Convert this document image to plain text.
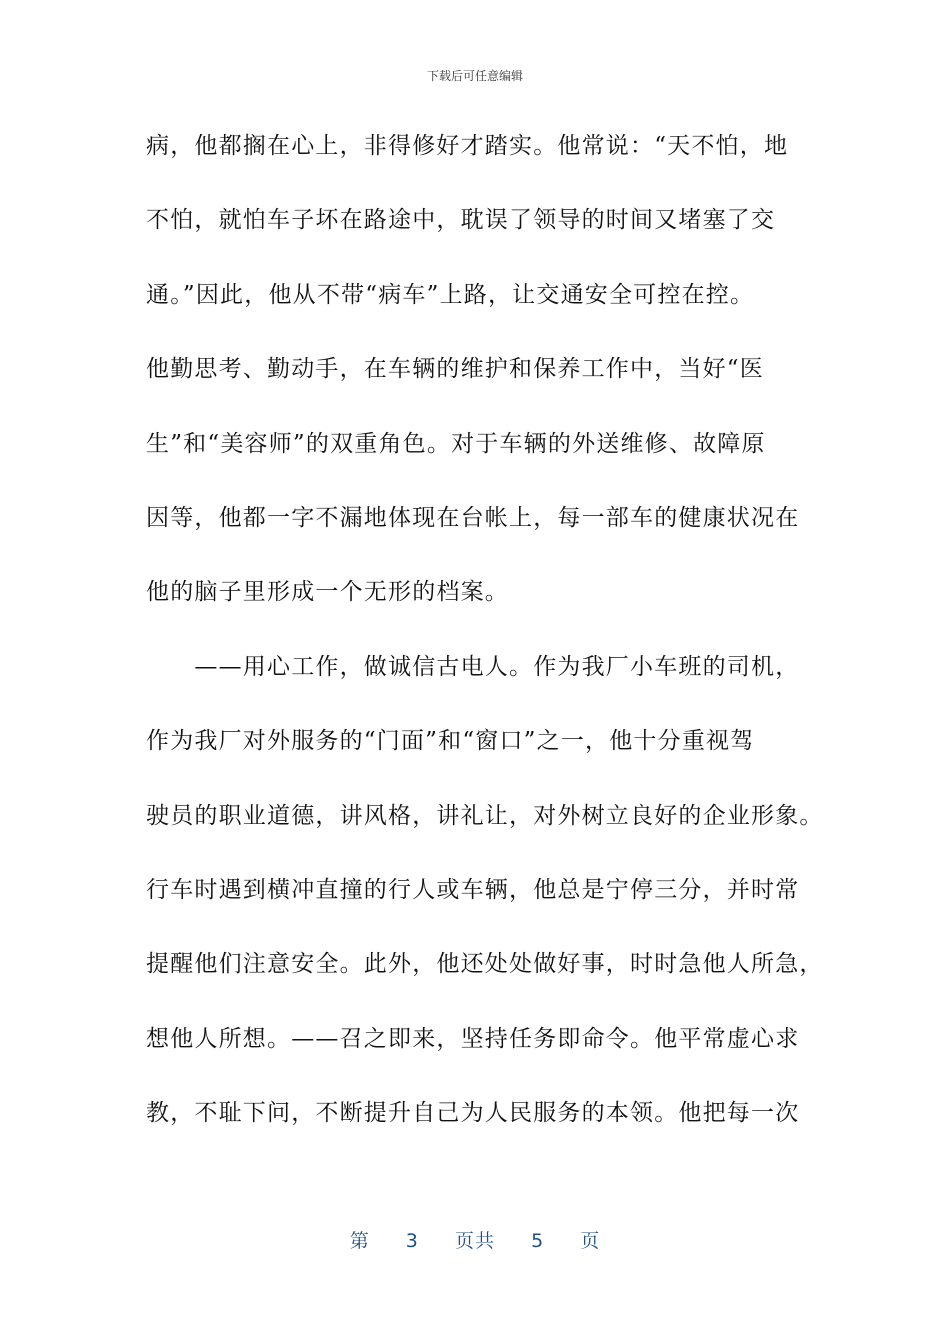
下载后可任意编辑
病，他都搁在心上，非得修好才踏实。他常说：“天不怕，地
不怕，就怕车子坏在路途中，耽误了领导的时间又堵塞了交
通。”因此，他从不带“病车”上路，让交通安全可控在控。
他勤思考、勤动手，在车辆的维护和保养工作中，当好“医
生”和“美容师”的双重角色。对于车辆的外送维修、故障原
因等，他都一字不漏地体现在台帐上，每一部车的健康状况在
他的脑子里形成一个无形的档案。
　　——用心工作，做诚信古电人。作为我厂小车班的司机，
作为我厂对外服务的“门面”和“窗口”之一，他十分重视驾
驶员的职业道德，讲风格，讲礼让，对外树立良好的企业形象。
行车时遇到横冲直撞的行人或车辆，他总是宁停三分，并时常
提醒他们注意安全。此外，他还处处做好事，时时急他人所急，
想他人所想。——召之即来，坚持任务即命令。他平常虚心求
教，不耻下问，不断提升自己为人民服务的本领。他把每一次
第 3 页共 5 页
